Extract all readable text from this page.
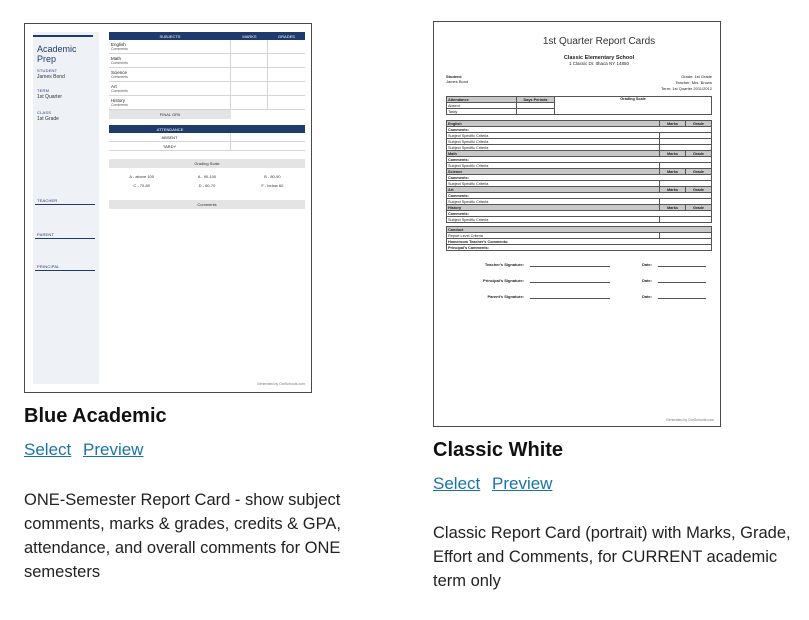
Academic Prep
STUDENT
James Bond
TERM
1st Quarter
CLASS
1st Grade
TEACHER
PARENT
PRINCIPAL
SUBJECTS	MARKS	GRADES
English
Comments
Math
Comments
Science
Comments
Art
Comments
History
Comments
FINAL GPA
ATTENDANCE
ABSENT
TARDY
Grading Scale
A - above 100	A - 90-100	B - 80-90
C - 70-80	D - 60-70	F - below 60
Comments
Generated by OurSchools.com
Blue Academic
Select Preview
ONE-Semester Report Card - show subject comments, marks & grades, credits & GPA, attendance, and overall comments for ONE semesters
1st Quarter Report Cards
Classic Elementary School
1 Classic Dr. Ithaca NY 14850
Student:
James Bond
Grade: 1st Grade
Teacher: Mrs. Brown
Term: 1st Quarter 2011/2012
Attendance	Days Periods	Grading Scale
Absent		
Tardy		
English	Marks	Grade
Comments:		
Subject Specific Criteria		
Subject Specific Criteria		
Subject Specific Criteria		
Math	Marks	Grade
Comments:		
Subject Specific Criteria		
Science	Marks	Grade
Comments:		
Subject Specific Criteria		
Art	Marks	Grade
Comments:		
Subject Specific Criteria		
History	Marks	Grade
Comments:		
Subject Specific Criteria		
Conduct
Report Level Criteria	
Homeroom Teacher's Comments:
Principal's Comments:
Teacher's Signature:	Date:
Principal's Signature:	Date:
Parent's Signature:	Date:
Generated by OurSchools.com
Classic White
Select Preview
Classic Report Card (portrait) with Marks, Grade, Effort and Comments, for CURRENT academic term only
